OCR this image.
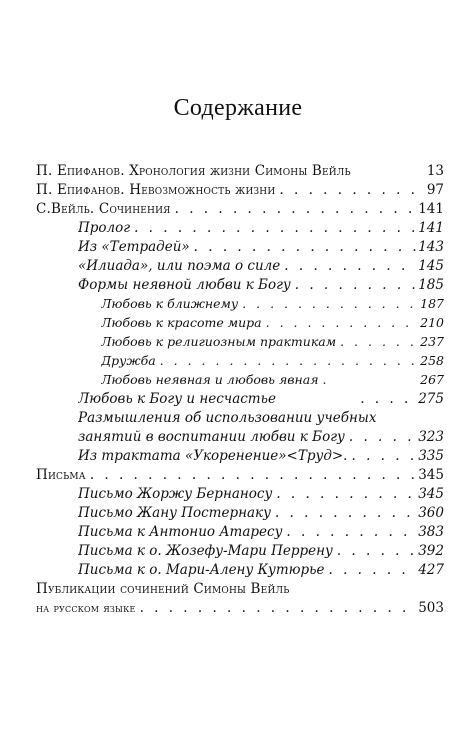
Содержание
П. Епифанов. Хронология жизни Симоны Вейль	13
П. Епифанов. Невозможность жизни . . .	97
С.Вейль. Сочинения . . .	141
Пролог . . .	141
Из «Тетрадей» . . .	143
«Илиада», или поэма о силе . . .	145
Формы неявной любви к Богу . . .	185
Любовь к ближнему . . .	187
Любовь к красоте мира . . .	210
Любовь к религиозным практикам . . .	237
Дружба . . .	258
Любовь неявная и любовь явная .	267
Любовь к Богу и несчастье . . .	275
Размышления об использовании учебных
занятий в воспитании любви к Богу . . .	323
Из трактата «Укоренение»<Труд>. . . .	335
Письма . . .	345
Письмо Жоржу Бернаносу . . .	345
Письмо Жану Постернаку . . .	360
Письма к Антонио Атаресу . . .	383
Письма к о. Жозефу-Мари Перрену . . .	392
Письма к о. Мари-Алену Кутюрье . . .	427
Публикации сочинений Симоны Вейль
на русском языке . . .	503
